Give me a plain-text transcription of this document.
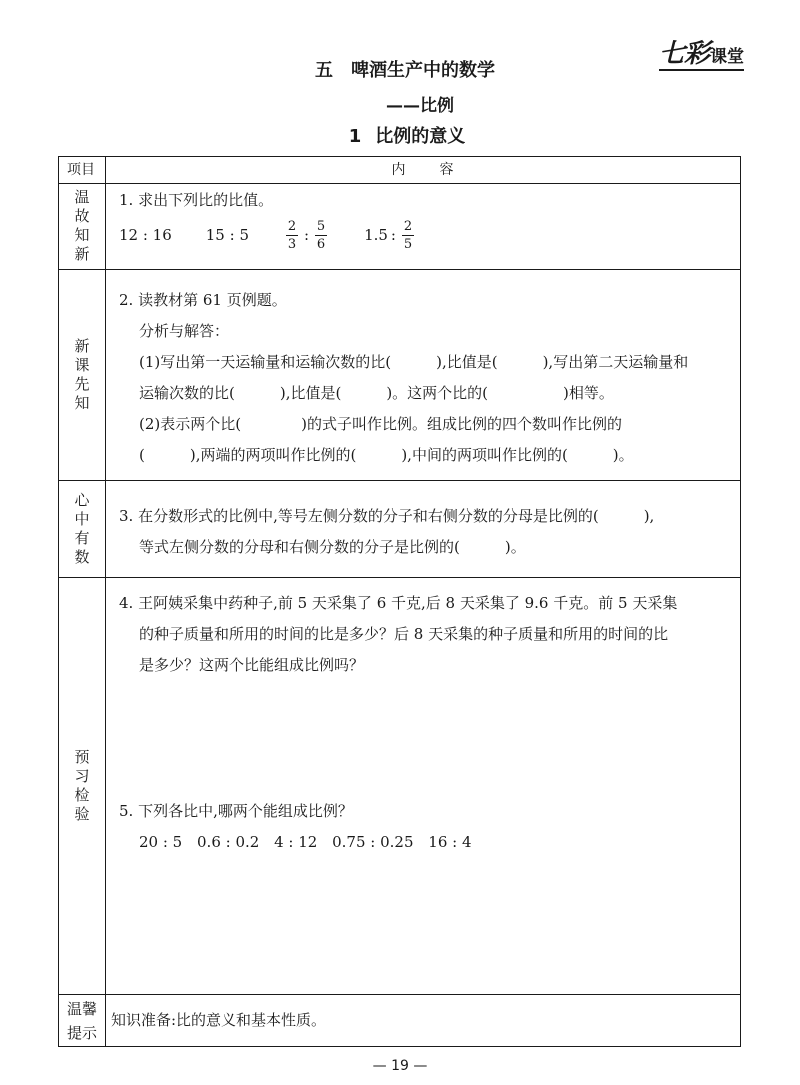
七彩 课堂
五 啤酒生产中的数学
——比例
1 比例的意义
项目	内容
温故知新

1. 求出下列比的比值。

12 : 16 15 : 5	$\frac{2}{3}$ : $\frac{5}{6} 1.5$ : $\frac{2}{5}$

新课先知

2. 读教材第 61 页例题。

分析与解答：

(1)写出第一天运输量和运输次数的比(　　　),比值是(　　　),写出第二天运输量和

运输次数的比(　　　),比值是(　　　)。这两个比的(　　　　　)相等。

(2)表示两个比(　　　　)的式子叫作比例。组成比例的四个数叫作比例的

(　　　),两端的两项叫作比例的(　　　),中间的两项叫作比例的(　　　)。

心中有数

3. 在分数形式的比例中,等号左侧分数的分子和右侧分数的分母是比例的(　　　),

等式左侧分数的分母和右侧分数的分子是比例的(　　　)。

预习检验

4. 王阿姨采集中药种子,前 5 天采集了 6 千克,后 8 天采集了 9.6 千克。前 5 天采集

的种子质量和所用的时间的比是多少？后 8 天采集的种子质量和所用的时间的比

是多少？这两个比能组成比例吗？

5. 下列各比中,哪两个能组成比例？

20 : 5 0.6 : 0.2 4 : 12 0.75 : 0.25 16 : 4

温馨提示

知识准备:比的意义和基本性质。

— 19 —
